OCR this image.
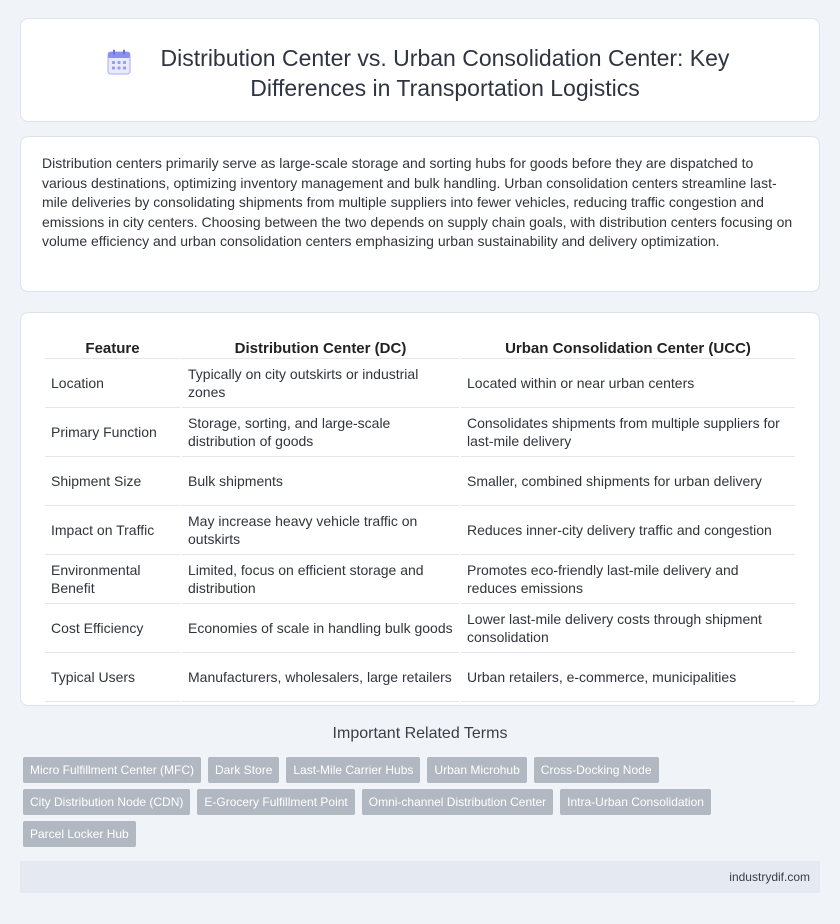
Distribution Center vs. Urban Consolidation Center: Key Differences in Transportation Logistics

Distribution centers primarily serve as large-scale storage and sorting hubs for goods before they are dispatched to various destinations, optimizing inventory management and bulk handling. Urban consolidation centers streamline last-mile deliveries by consolidating shipments from multiple suppliers into fewer vehicles, reducing traffic congestion and emissions in city centers. Choosing between the two depends on supply chain goals, with distribution centers focusing on volume efficiency and urban consolidation centers emphasizing urban sustainability and delivery optimization.

Feature	Distribution Center (DC)	Urban Consolidation Center (UCC)
Location	Typically on city outskirts or industrial zones	Located within or near urban centers
Primary Function	Storage, sorting, and large-scale distribution of goods	Consolidates shipments from multiple suppliers for last-mile delivery
Shipment Size	Bulk shipments	Smaller, combined shipments for urban delivery
Impact on Traffic	May increase heavy vehicle traffic on outskirts	Reduces inner-city delivery traffic and congestion
Environmental Benefit	Limited, focus on efficient storage and distribution	Promotes eco-friendly last-mile delivery and reduces emissions
Cost Efficiency	Economies of scale in handling bulk goods	Lower last-mile delivery costs through shipment consolidation
Typical Users	Manufacturers, wholesalers, large retailers	Urban retailers, e-commerce, municipalities
Important Related Terms
Micro Fulfillment Center (MFC)	Dark Store	Last-Mile Carrier Hubs	Urban Microhub	Cross-Docking Node
City Distribution Node (CDN)	E-Grocery Fulfillment Point	Omni-channel Distribution Center	Intra-Urban Consolidation
Parcel Locker Hub
industrydif.com
